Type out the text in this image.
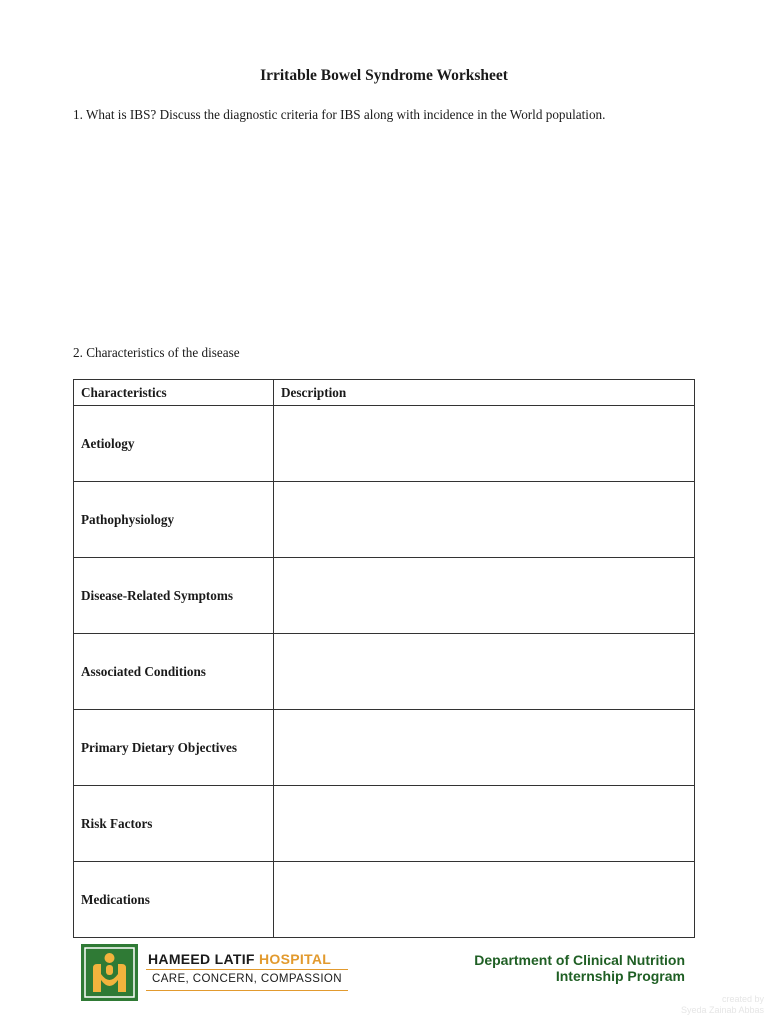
Irritable Bowel Syndrome Worksheet
1. What is IBS? Discuss the diagnostic criteria for IBS along with incidence in the World population.
2. Characteristics of the disease
Characteristics	Description
Aetiology	
Pathophysiology	
Disease-Related Symptoms	
Associated Conditions	
Primary Dietary Objectives	
Risk Factors	
Medications	
HAMEED LATIF HOSPITAL
CARE, CONCERN, COMPASSION
Department of Clinical Nutrition
Internship Program
created by
Syeda Zainab Abbas
